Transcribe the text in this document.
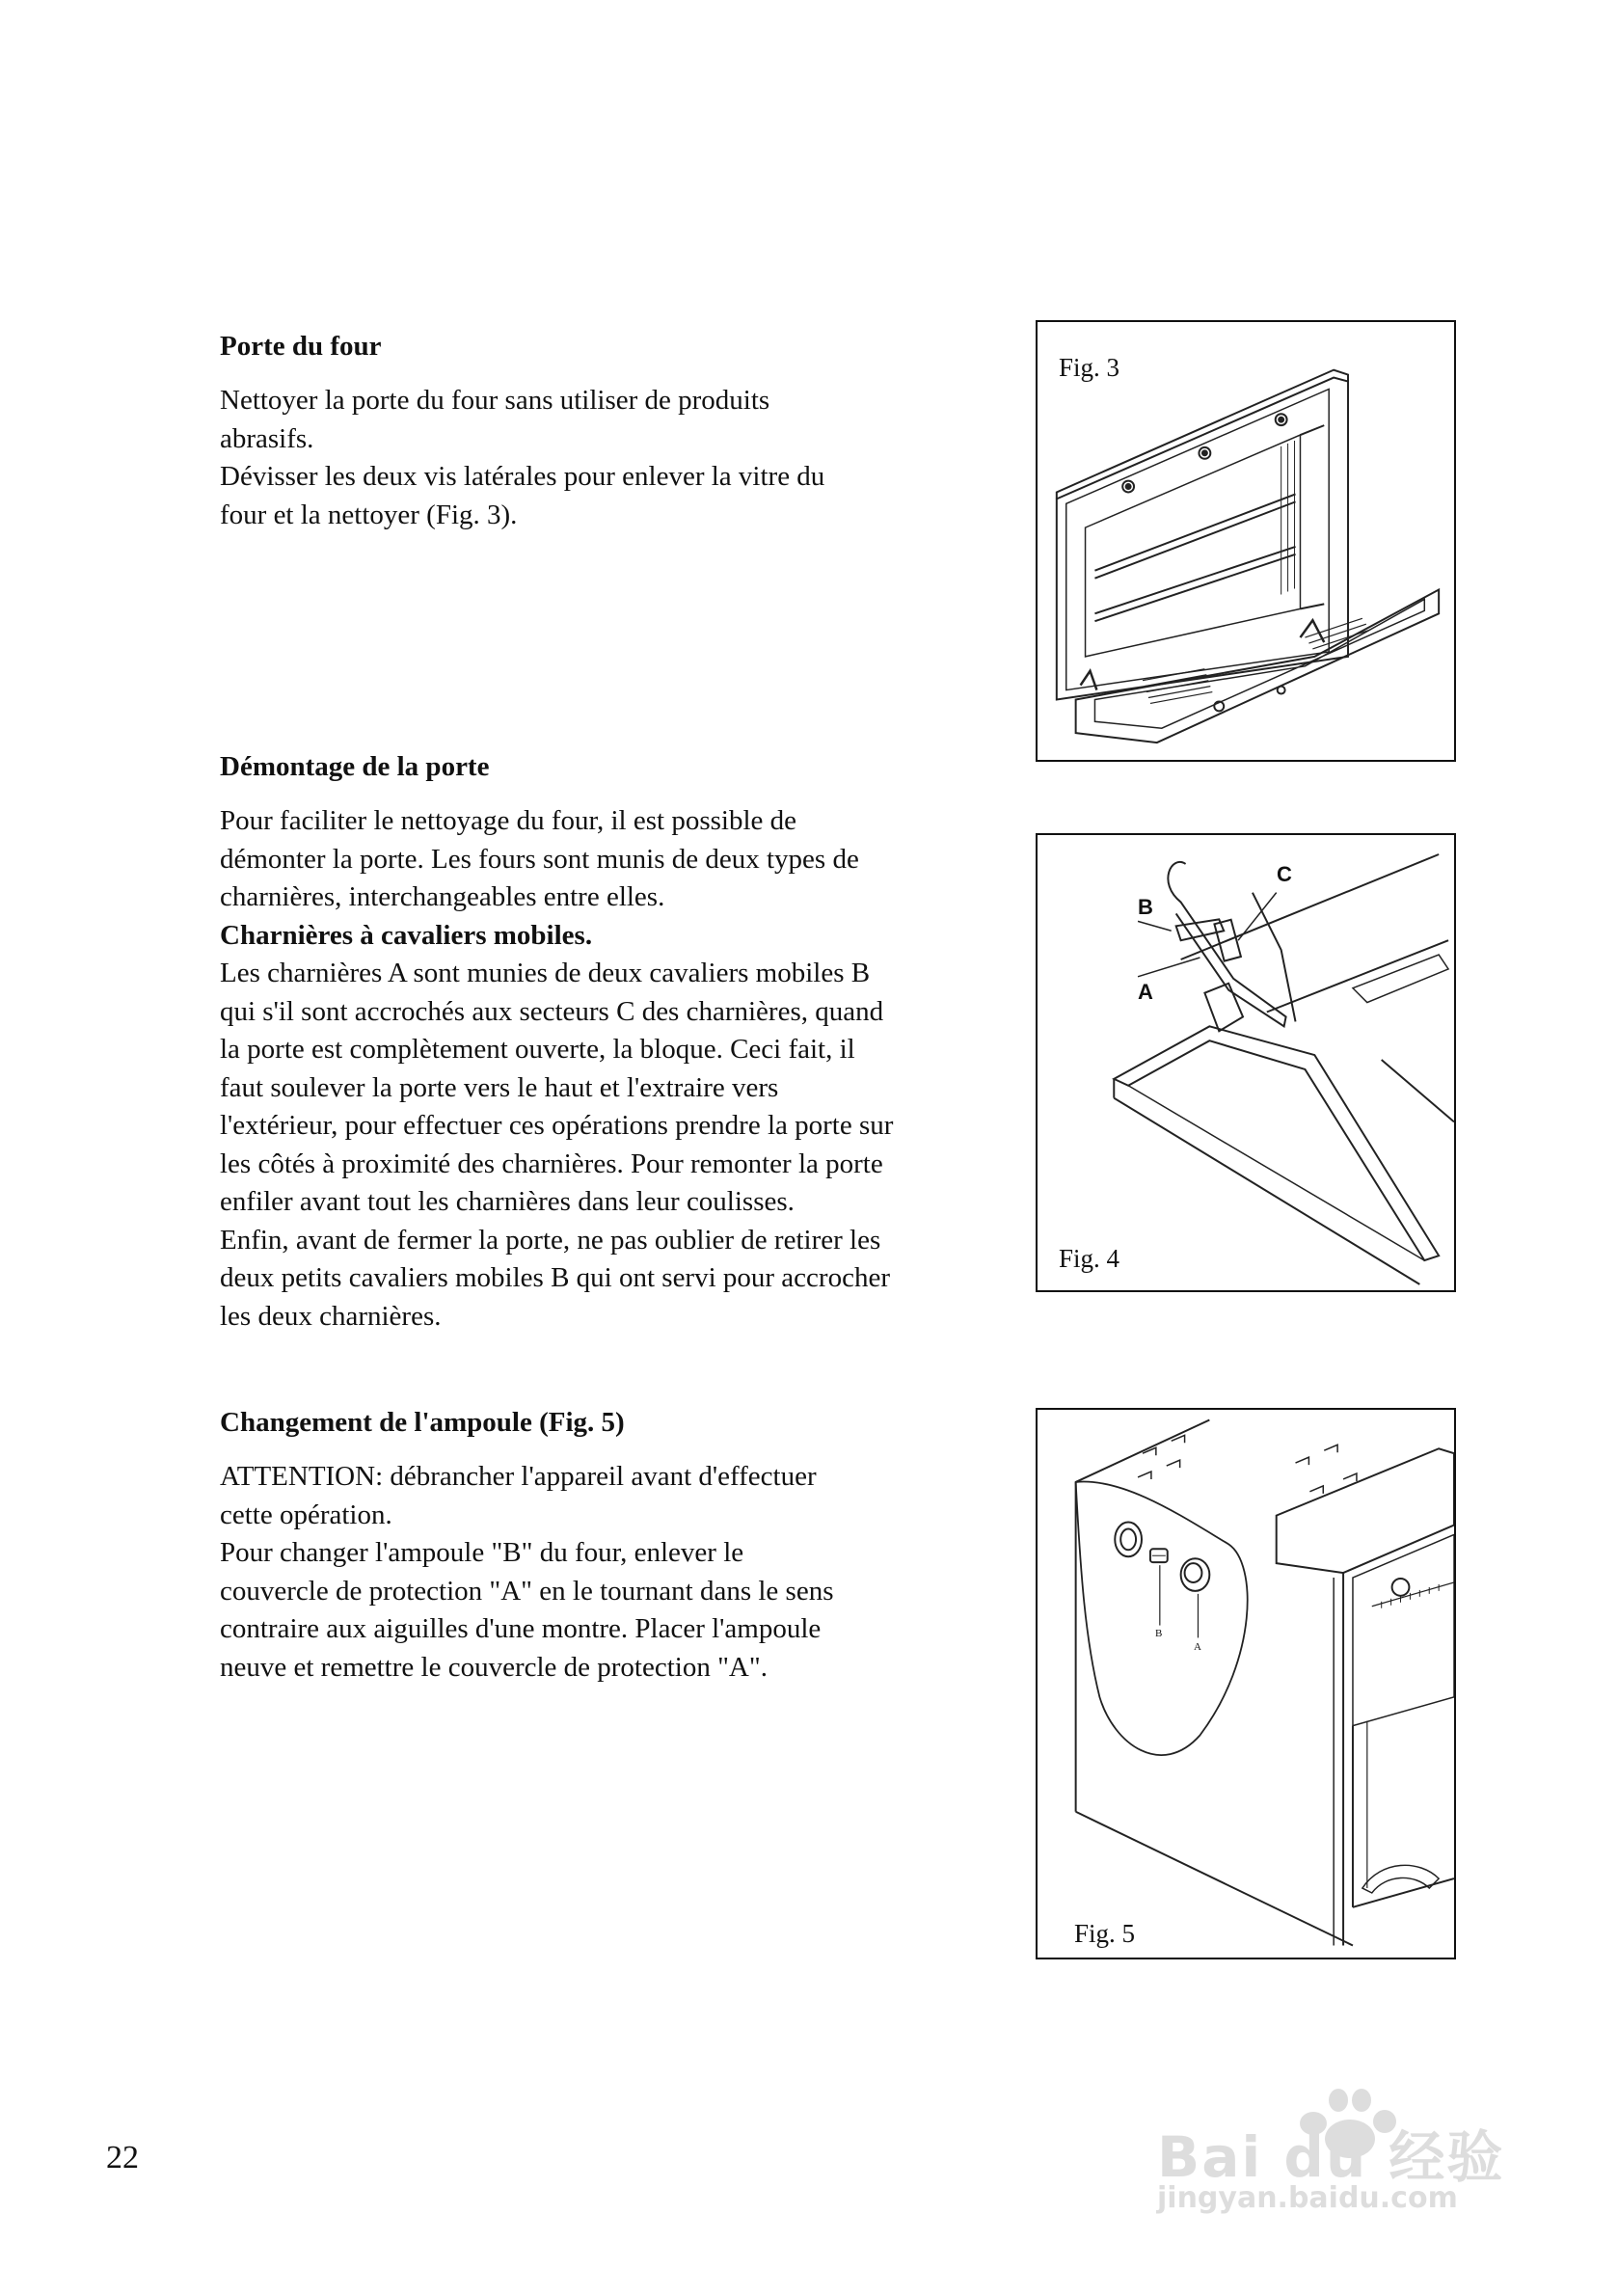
Porte du four

Nettoyer la porte du four sans utiliser de produits
abrasifs.
Dévisser les deux vis latérales pour enlever la vitre du
four et la nettoyer (Fig. 3).

Démontage de la porte

Pour faciliter le nettoyage du four, il est possible de
démonter la porte. Les fours sont munis de deux types de
charnières, interchangeables entre elles.
Charnières à cavaliers mobiles.
Les charnières A sont munies de deux cavaliers mobiles B
qui s'il sont accrochés aux secteurs C des charnières, quand
la porte est complètement ouverte, la bloque. Ceci fait, il
faut soulever la porte vers le haut et l'extraire vers
l'extérieur, pour effectuer ces opérations prendre la porte sur
les côtés à proximité des charnières. Pour remonter la porte
enfiler avant tout les charnières dans leur coulisses.
Enfin, avant de fermer la porte, ne pas oublier de retirer les
deux petits cavaliers mobiles B qui ont servi pour accrocher
les deux charnières.

Changement de l'ampoule (Fig. 5)

ATTENTION: débrancher l'appareil avant d'effectuer
cette opération.
Pour changer l'ampoule "B" du four, enlever le
couvercle de protection "A" en le tournant dans le sens
contraire aux aiguilles d'une montre. Placer l'ampoule
neuve et remettre le couvercle de protection "A".

Fig. 3
B
A
C
Fig. 4
B
A
Fig. 5
22	Bai du 经验
jingyan.baidu.com
